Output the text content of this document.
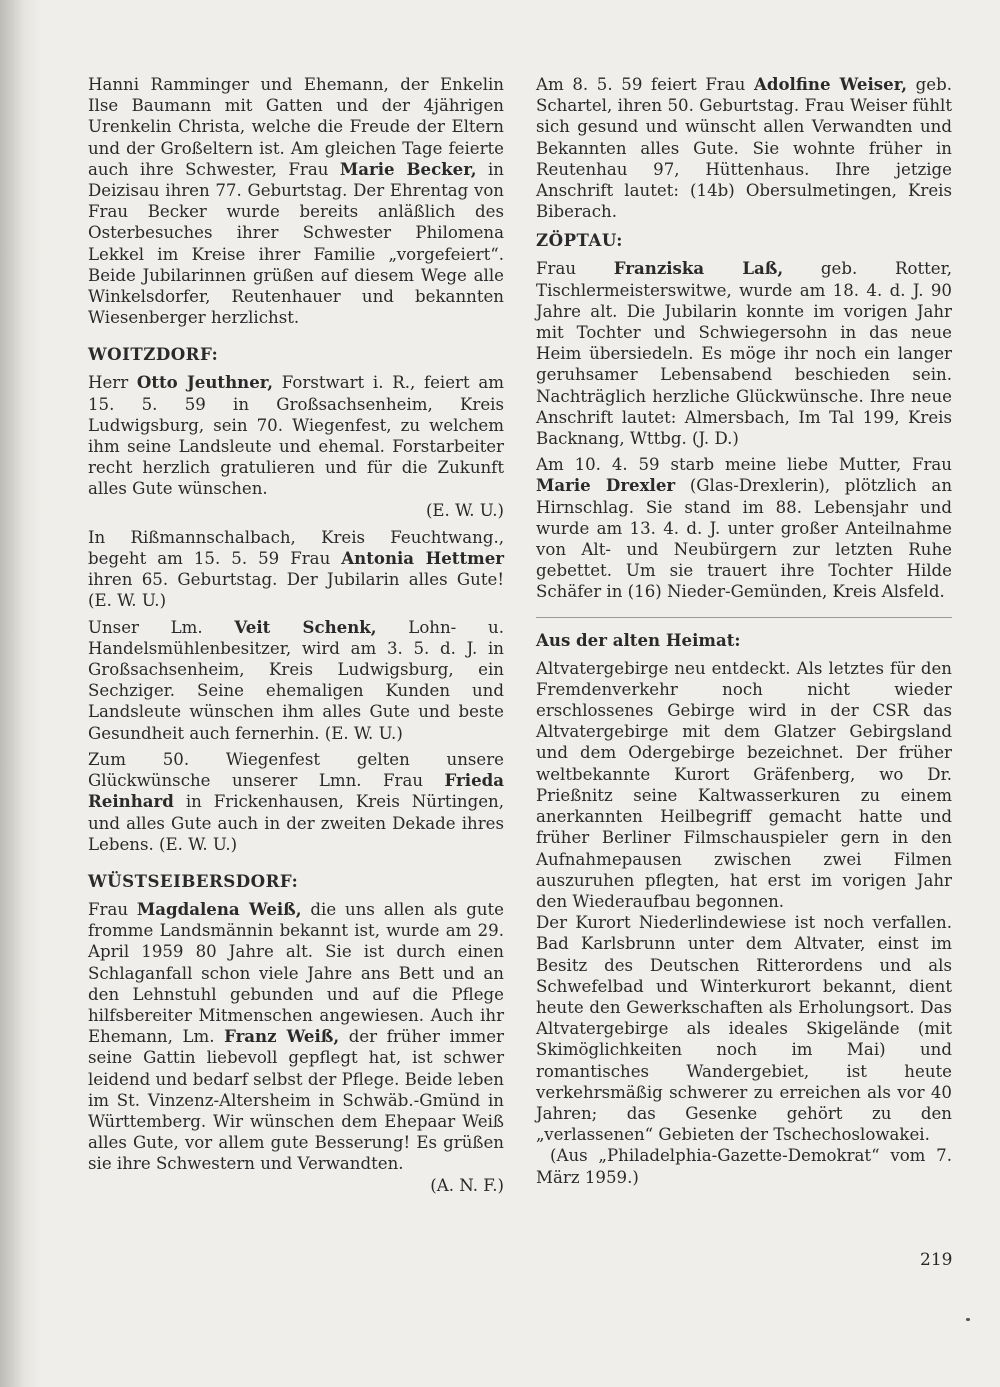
Hanni Ramminger und Ehemann, der Enkelin Ilse Baumann mit Gatten und der 4jährigen Urenkelin Christa, welche die Freude der Eltern und der Großeltern ist. Am gleichen Tage feierte auch ihre Schwester, Frau Marie Becker, in Deizisau ihren 77. Geburtstag. Der Ehrentag von Frau Becker wurde bereits anläßlich des Osterbesuches ihrer Schwester Philomena Lekkel im Kreise ihrer Familie „vorgefeiert“. Beide Jubilarinnen grüßen auf diesem Wege alle Winkelsdorfer, Reutenhauer und bekannten Wiesenberger herzlichst.

WOITZDORF:

Herr Otto Jeuthner, Forstwart i. R., feiert am 15. 5. 59 in Großsachsenheim, Kreis Ludwigsburg, sein 70. Wiegenfest, zu welchem ihm seine Landsleute und ehemal. Forstarbeiter recht herzlich gratulieren und für die Zukunft alles Gute wünschen.
(E. W. U.)

In Rißmannschalbach, Kreis Feuchtwang., begeht am 15. 5. 59 Frau Antonia Hettmer ihren 65. Geburtstag. Der Jubilarin alles Gute! (E. W. U.)

Unser Lm. Veit Schenk, Lohn- u. Handelsmühlenbesitzer, wird am 3. 5. d. J. in Großsachsenheim, Kreis Ludwigsburg, ein Sechziger. Seine ehemaligen Kunden und Landsleute wünschen ihm alles Gute und beste Gesundheit auch fernerhin. (E. W. U.)

Zum 50. Wiegenfest gelten unsere Glückwünsche unserer Lmn. Frau Frieda Reinhard in Frickenhausen, Kreis Nürtingen, und alles Gute auch in der zweiten Dekade ihres Lebens. (E. W. U.)

WÜSTSEIBERSDORF:

Frau Magdalena Weiß, die uns allen als gute fromme Landsmännin bekannt ist, wurde am 29. April 1959 80 Jahre alt. Sie ist durch einen Schlaganfall schon viele Jahre ans Bett und an den Lehnstuhl gebunden und auf die Pflege hilfsbereiter Mitmenschen angewiesen. Auch ihr Ehemann, Lm. Franz Weiß, der früher immer seine Gattin liebevoll gepflegt hat, ist schwer leidend und bedarf selbst der Pflege. Beide leben im St. Vinzenz-Altersheim in Schwäb.-Gmünd in Württemberg. Wir wünschen dem Ehepaar Weiß alles Gute, vor allem gute Besserung! Es grüßen sie ihre Schwestern und Verwandten.
(A. N. F.)

Am 8. 5. 59 feiert Frau Adolfine Weiser, geb. Schartel, ihren 50. Geburtstag. Frau Weiser fühlt sich gesund und wünscht allen Verwandten und Bekannten alles Gute. Sie wohnte früher in Reutenhau 97, Hüttenhaus. Ihre jetzige Anschrift lautet: (14b) Obersulmetingen, Kreis Biberach.

ZÖPTAU:

Frau Franziska Laß, geb. Rotter, Tischlermeisterswitwe, wurde am 18. 4. d. J. 90 Jahre alt. Die Jubilarin konnte im vorigen Jahr mit Tochter und Schwiegersohn in das neue Heim übersiedeln. Es möge ihr noch ein langer geruhsamer Lebensabend beschieden sein. Nachträglich herzliche Glückwünsche. Ihre neue Anschrift lautet: Almersbach, Im Tal 199, Kreis Backnang, Wttbg. (J. D.)

Am 10. 4. 59 starb meine liebe Mutter, Frau Marie Drexler (Glas-Drexlerin), plötzlich an Hirnschlag. Sie stand im 88. Lebensjahr und wurde am 13. 4. d. J. unter großer Anteilnahme von Alt- und Neubürgern zur letzten Ruhe gebettet. Um sie trauert ihre Tochter Hilde Schäfer in (16) Nieder-Gemünden, Kreis Alsfeld.

Aus der alten Heimat:

Altvatergebirge neu entdeckt. Als letztes für den Fremdenverkehr noch nicht wieder erschlossenes Gebirge wird in der CSR das Altvatergebirge mit dem Glatzer Gebirgsland und dem Odergebirge bezeichnet. Der früher weltbekannte Kurort Gräfenberg, wo Dr. Prießnitz seine Kaltwasserkuren zu einem anerkannten Heilbegriff gemacht hatte und früher Berliner Filmschauspieler gern in den Aufnahmepausen zwischen zwei Filmen auszuruhen pflegten, hat erst im vorigen Jahr den Wiederaufbau begonnen.

Der Kurort Niederlindewiese ist noch verfallen. Bad Karlsbrunn unter dem Altvater, einst im Besitz des Deutschen Ritterordens und als Schwefelbad und Winterkurort bekannt, dient heute den Gewerkschaften als Erholungsort. Das Altvatergebirge als ideales Skigelände (mit Skimöglichkeiten noch im Mai) und romantisches Wandergebiet, ist heute verkehrsmäßig schwerer zu erreichen als vor 40 Jahren; das Gesenke gehört zu den „verlassenen“ Gebieten der Tschechoslowakei.

(Aus „Philadelphia-Gazette-Demokrat“ vom 7. März 1959.)

219
